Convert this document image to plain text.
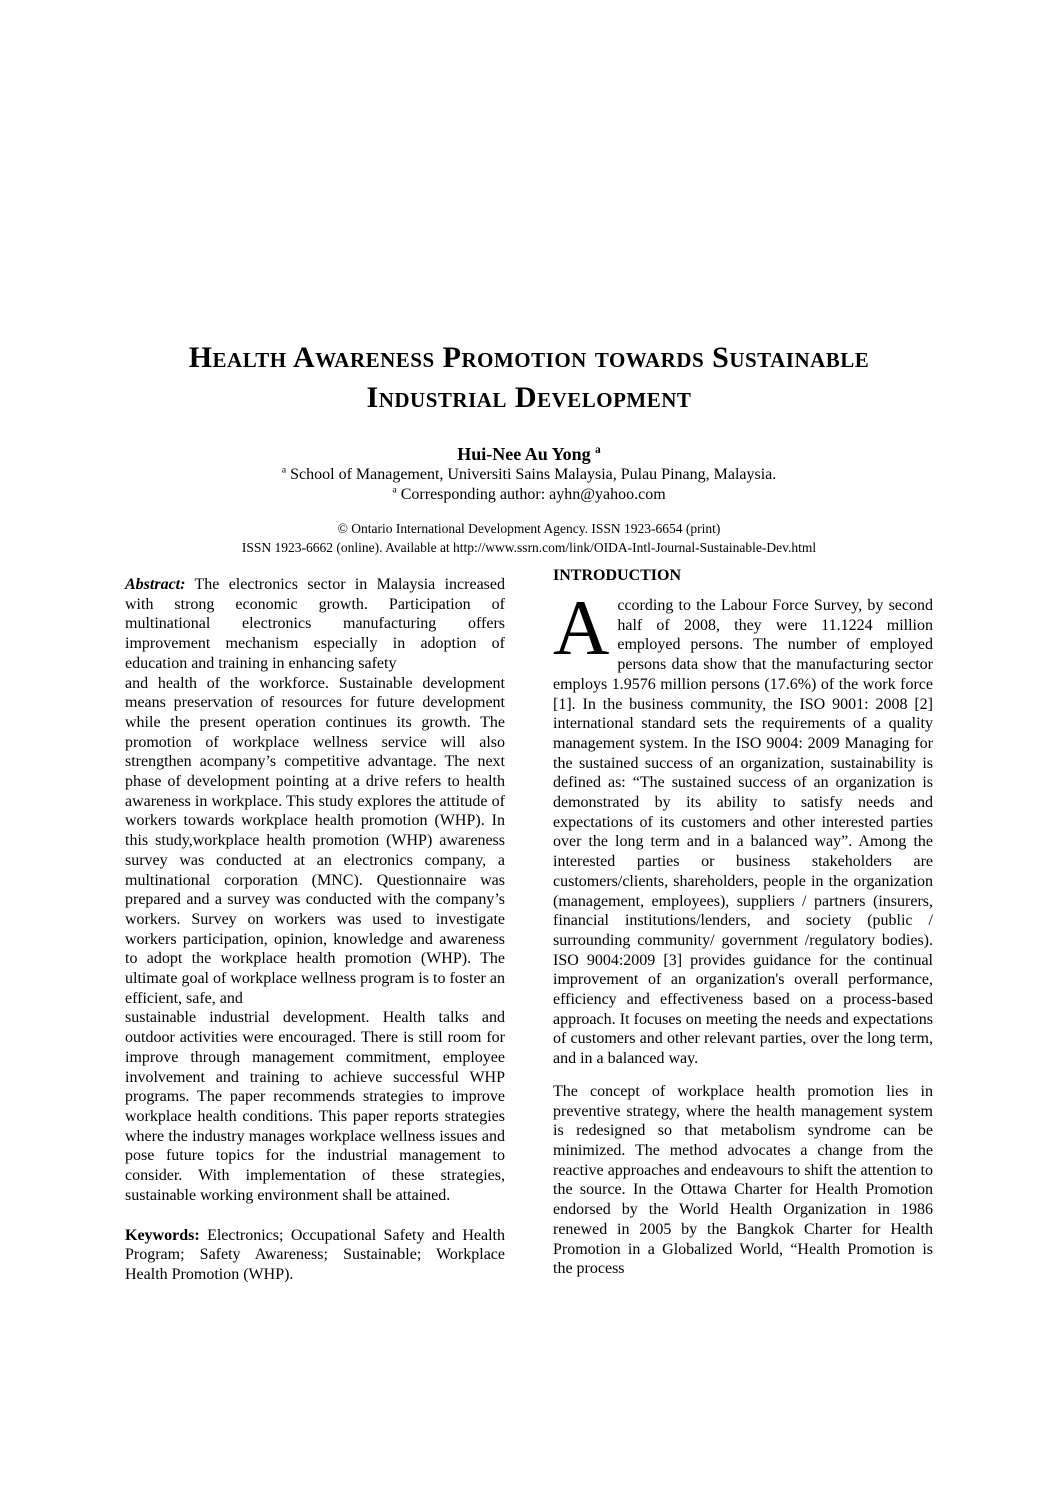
Health Awareness Promotion towards Sustainable
Industrial Development
Hui-Nee Au Yong $^a$
$^a$ School of Management, Universiti Sains Malaysia, Pulau Pinang, Malaysia.
$^a$ Corresponding author: ayhn@yahoo.com
© Ontario International Development Agency. ISSN 1923-6654 (print)
ISSN 1923-6662 (online). Available at http://www.ssrn.com/link/OIDA-Intl-Journal-Sustainable-Dev.html
Abstract: The electronics sector in Malaysia increased with strong economic growth. Participation of multinational electronics manufacturing offers improvement mechanism especially in adoption of education and training in enhancing safety
and health of the workforce. Sustainable development means preservation of resources for future development while the present operation continues its growth. The promotion of workplace wellness service will also strengthen acompany’s competitive advantage. The next phase of development pointing at a drive refers to health awareness in workplace. This study explores the attitude of workers towards workplace health promotion (WHP). In this study,workplace health promotion (WHP) awareness survey was conducted at an electronics company, a multinational corporation (MNC). Questionnaire was prepared and a survey was conducted with the company’s workers. Survey on workers was used to investigate workers participation, opinion, knowledge and awareness to adopt the workplace health promotion (WHP). The ultimate goal of workplace wellness program is to foster an efficient, safe, and
sustainable industrial development. Health talks and outdoor activities were encouraged. There is still room for improve through management commitment, employee involvement and training to achieve successful WHP programs. The paper recommends strategies to improve workplace health conditions. This paper reports strategies where the industry manages workplace wellness issues and pose future topics for the industrial management to consider. With implementation of these strategies, sustainable working environment shall be attained.
Keywords: Electronics; Occupational Safety and Health Program; Safety Awareness; Sustainable; Workplace Health Promotion (WHP).
INTRODUCTION
According to the Labour Force Survey, by second half of 2008, they were 11.1224 million employed persons. The number of employed persons data show that the manufacturing sector employs 1.9576 million persons (17.6%) of the work force [1]. In the business community, the ISO 9001: 2008 [2] international standard sets the requirements of a quality management system. In the ISO 9004: 2009 Managing for the sustained success of an organization, sustainability is defined as: “The sustained success of an organization is demonstrated by its ability to satisfy needs and expectations of its customers and other interested parties over the long term and in a balanced way”. Among the interested parties or business stakeholders are customers/clients, shareholders, people in the organization (management, employees), suppliers / partners (insurers, financial institutions/lenders, and society (public / surrounding community/ government /regulatory bodies). ISO 9004:2009 [3] provides guidance for the continual improvement of an organization's overall performance, efficiency and effectiveness based on a process-based approach. It focuses on meeting the needs and expectations of customers and other relevant parties, over the long term, and in a balanced way.
The concept of workplace health promotion lies in preventive strategy, where the health management system is redesigned so that metabolism syndrome can be minimized. The method advocates a change from the reactive approaches and endeavours to shift the attention to the source. In the Ottawa Charter for Health Promotion endorsed by the World Health Organization in 1986 renewed in 2005 by the Bangkok Charter for Health Promotion in a Globalized World, “Health Promotion is the process
